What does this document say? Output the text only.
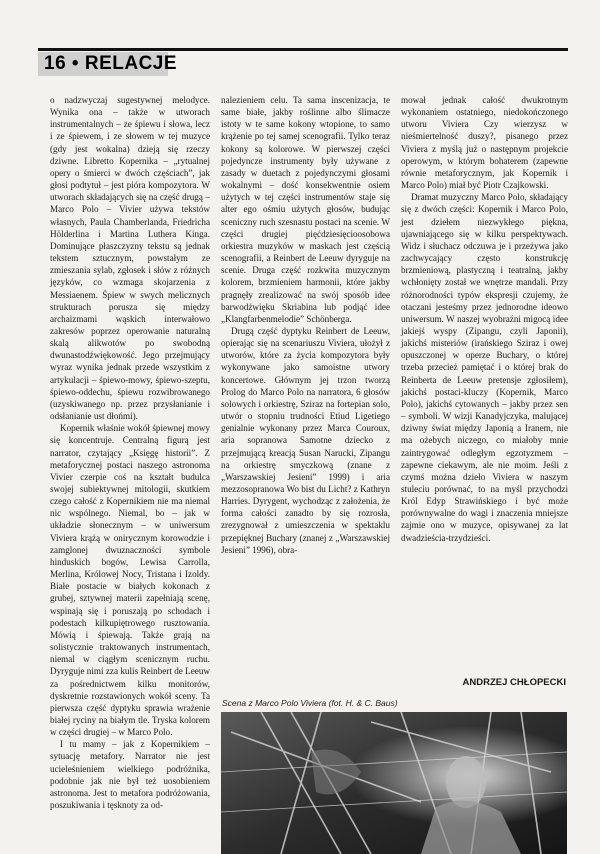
16 • RELACJE

o nadzwyczaj sugestywnej melodyce. Wynika ona – także w utworach instrumentalnych – ze śpiewu i słowa, lecz i ze śpiewem, i ze słowem w tej muzyce (gdy jest wokalna) dzieją się rzeczy dziwne. Libretto Kopernika – „rytualnej opery o śmierci w dwóch częściach”, jak głosi podtytuł – jest pióra kompozytora. W utworach składających się na część drugą – Marco Polo – Vivier używa tekstów własnych, Paula Chamberlanda, Friedricha Hölderlina i Martina Luthera Kinga. Dominujące płaszczyzny tekstu są jednak tekstem sztucznym, powstałym ze zmieszania sylab, zgłosek i słów z różnych języków, co wzmaga skojarzenia z Messiaenem. Śpiew w swych melicznych strukturach porusza się między archaizmami wąskich interwałowo zakresów poprzez operowanie naturalną skalą alikwotów po swobodną dwunastodźwiękowość. Jego przejmujący wyraz wynika jednak przede wszystkim z artykulacji – śpiewo-mowy, śpiewo-szeptu, śpiewo-oddechu, śpiewu rozwibrowanego (uzyskiwanego np. przez przysłanianie i odsłanianie ust dłońmi).

Kopernik właśnie wokół śpiewnej mowy się koncentruje. Centralną figurą jest narrator, czytający „Księgę historii”. Z metaforycznej postaci naszego astronoma Vivier czerpie coś na kształt budulca swojej subiektywnej mitologii, skutkiem czego całość z Kopernikiem nie ma niemal nic wspólnego. Niemal, bo – jak w układzie słonecznym – w uniwersum Viviera krążą w onirycznym korowodzie i zamglonej dwuznaczności symbole hinduskich bogów, Lewisa Carrolla, Merlina, Królowej Nocy, Tristana i Izoldy. Białe postacie w białych kokonach z grubej, sztywnej materii zapełniają scenę, wspinają się i poruszają po schodach i podestach kilkupiętrowego rusztowania. Mówią i śpiewają. Także grają na solistycznie traktowanych instrumentach, niemal w ciągłym scenicznym ruchu. Dyryguje nimi zza kulis Reinbert de Leeuw za pośrednictwem kilku monitorów, dyskretnie rozstawionych wokół sceny. Ta pierwsza część dyptyku sprawia wrażenie białej ryciny na białym tle. Tryska kolorem w części drugiej – w Marco Polo.

I tu mamy – jak z Kopernikiem – sytuację metafory. Narrator nie jest ucieleśnieniem wielkiego podróżnika, podobnie jak nie był też uosobieniem astronoma. Jest to metafora podróżowania, poszukiwania i tęsknoty za od-

nalezieniem celu. Ta sama inscenizacja, te same białe, jakby roślinne albo ślimacze istoty w te same kokony wtopione, to samo krążenie po tej samej scenografii. Tylko teraz kokony są kolorowe. W pierwszej części pojedyncze instrumenty były używane z zasady w duetach z pojedynczymi głosami wokalnymi – dość konsekwentnie osiem użytych w tej części instrumentów staje się alter ego ośmiu użytych głosów, budując sceniczny ruch szesnastu postaci na scenie. W części drugiej pięćdziesięcioosobowa orkiestra muzyków w maskach jest częścią scenografii, a Reinbert de Leeuw dyryguje na scenie. Druga część rozkwita muzycznym kolorem, brzmieniem harmonii, które jakby pragnęły zrealizować na swój sposób idee barwodźwięku Skriabina lub podjąć idee „Klangfarbenmelodie” Schönberga.

Drugą część dyptyku Reinbert de Leeuw, opierając się na scenariuszu Viviera, ułożył z utworów, które za życia kompozytora były wykonywane jako samoistne utwory koncertowe. Głównym jej trzon tworzą Prolog do Marco Polo na narratora, 6 głosów solowych i orkiestrę, Sziraz na fortepian solo, utwór o stopniu trudności Etiud Ligetiego genialnie wykonany przez Marca Couroux, aria sopranowa Samotne dziecko z przejmującą kreacją Susan Narucki, Zipangu na orkiestrę smyczkową (znane z „Warszawskiej Jesieni” 1999) i aria mezzosopranowa Wo bist du Licht? z Kathryn Harries. Dyrygent, wychodząc z założenia, że forma całości zanadto by się rozrosła, zrezygnował z umieszczenia w spektaklu przepięknej Buchary (znanej z „Warszawskiej Jesieni” 1996), obra-

mował jednak całość dwukrotnym wykonaniem ostatniego, niedokończonego utworu Viviera Czy wierzysz w nieśmiertelność duszy?, pisanego przez Viviera z myślą już o następnym projekcie operowym, w którym bohaterem (zapewne równie metaforycznym, jak Kopernik i Marco Polo) miał być Piotr Czajkowski.

Dramat muzyczny Marco Polo, składający się z dwóch części: Kopernik i Marco Polo, jest dziełem niezwykłego piękna, ujawniającego się w kilku perspektywach. Widz i słuchacz odczuwa je i przeżywa jako zachwycający często konstrukcję brzmieniową, plastyczną i teatralną, jakby wchłonięty został we wnętrze mandali. Przy różnorodności typów ekspresji czujemy, że otaczani jesteśmy przez jednorodne ideowo uniwersum. W naszej wyobraźni migocą idee jakiejś wyspy (Zipangu, czyli Japonii), jakichś misteriów (irańskiego Sziraz i owej opuszczonej w operze Buchary, o której trzeba przecież pamiętać i o której brak do Reinberta de Leeuw pretensje zgłosiłem), jakichś postaci-kluczy (Kopernik, Marco Polo), jakichś cytowanych – jakby przez sen – symboli. W wizji Kanadyjczyka, malującej dziwny świat między Japonią a Iranem, nie ma ożebych niczego, co miałoby mnie zaintrygować odległym egzotyzmem – zapewne ciekawym, ale nie moim. Jeśli z czymś można dzieło Viviera w naszym stuleciu porównać, to na myśl przychodzi Król Edyp Strawińskiego i być może porównywalne do wagi i znaczenia mniejsze zajmie ono w muzyce, opisywanej za lat dwadzieścia-trzydzieści.

ANDRZEJ CHŁOPECKI
Scena z Marco Polo Viviera (fot. H. & C. Baus)
